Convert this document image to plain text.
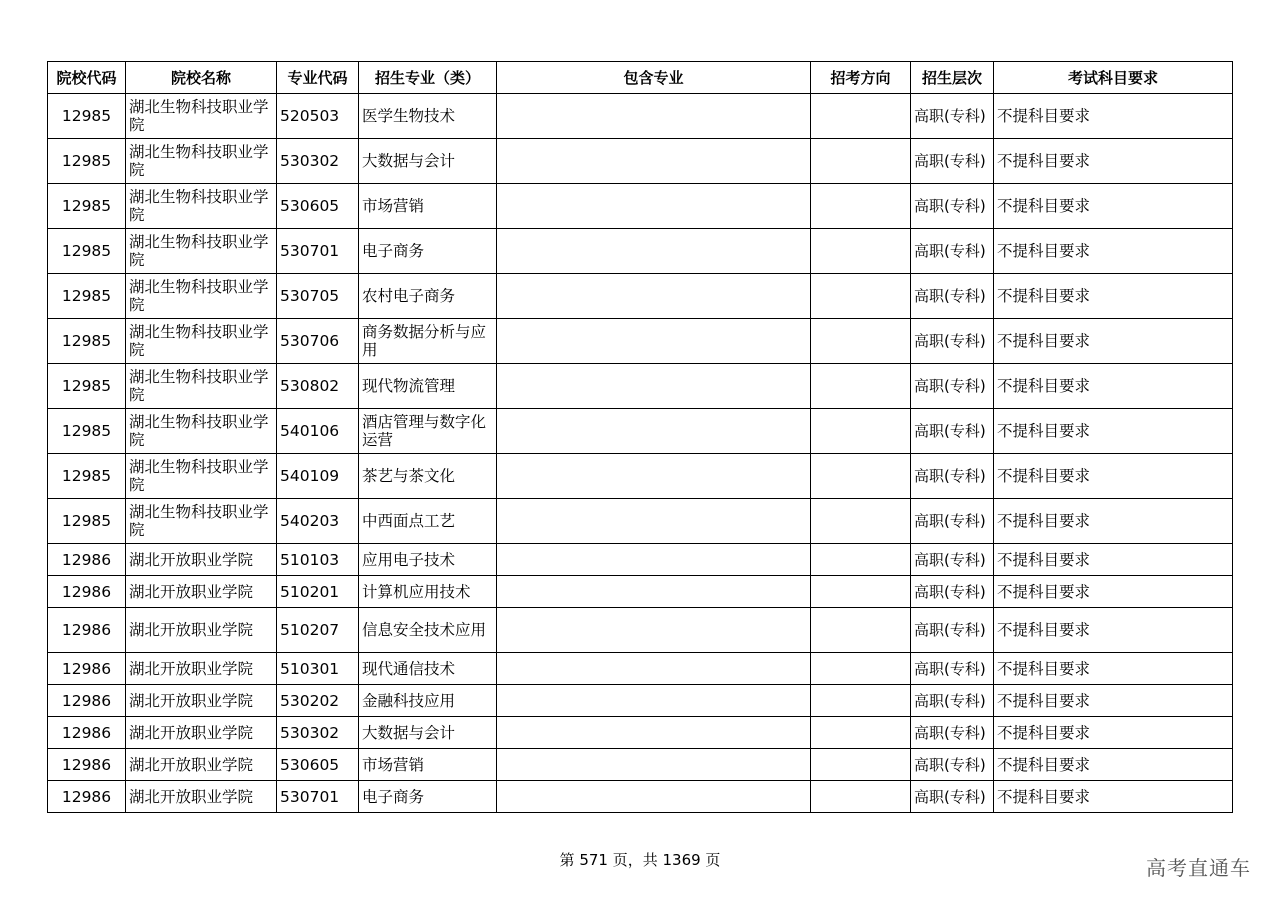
院校代码	院校名称	专业代码	招生专业（类）	包含专业	招考方向	招生层次	考试科目要求
12985	湖北生物科技职业学院	520503	医学生物技术			高职(专科)	不提科目要求
12985	湖北生物科技职业学院	530302	大数据与会计			高职(专科)	不提科目要求
12985	湖北生物科技职业学院	530605	市场营销			高职(专科)	不提科目要求
12985	湖北生物科技职业学院	530701	电子商务			高职(专科)	不提科目要求
12985	湖北生物科技职业学院	530705	农村电子商务			高职(专科)	不提科目要求
12985	湖北生物科技职业学院	530706	商务数据分析与应用			高职(专科)	不提科目要求
12985	湖北生物科技职业学院	530802	现代物流管理			高职(专科)	不提科目要求
12985	湖北生物科技职业学院	540106	酒店管理与数字化运营			高职(专科)	不提科目要求
12985	湖北生物科技职业学院	540109	茶艺与茶文化			高职(专科)	不提科目要求
12985	湖北生物科技职业学院	540203	中西面点工艺			高职(专科)	不提科目要求
12986	湖北开放职业学院	510103	应用电子技术			高职(专科)	不提科目要求
12986	湖北开放职业学院	510201	计算机应用技术			高职(专科)	不提科目要求
12986	湖北开放职业学院	510207	信息安全技术应用			高职(专科)	不提科目要求
12986	湖北开放职业学院	510301	现代通信技术			高职(专科)	不提科目要求
12986	湖北开放职业学院	530202	金融科技应用			高职(专科)	不提科目要求
12986	湖北开放职业学院	530302	大数据与会计			高职(专科)	不提科目要求
12986	湖北开放职业学院	530605	市场营销			高职(专科)	不提科目要求
12986	湖北开放职业学院	530701	电子商务			高职(专科)	不提科目要求
第 571 页，共 1369 页	高考直通车
